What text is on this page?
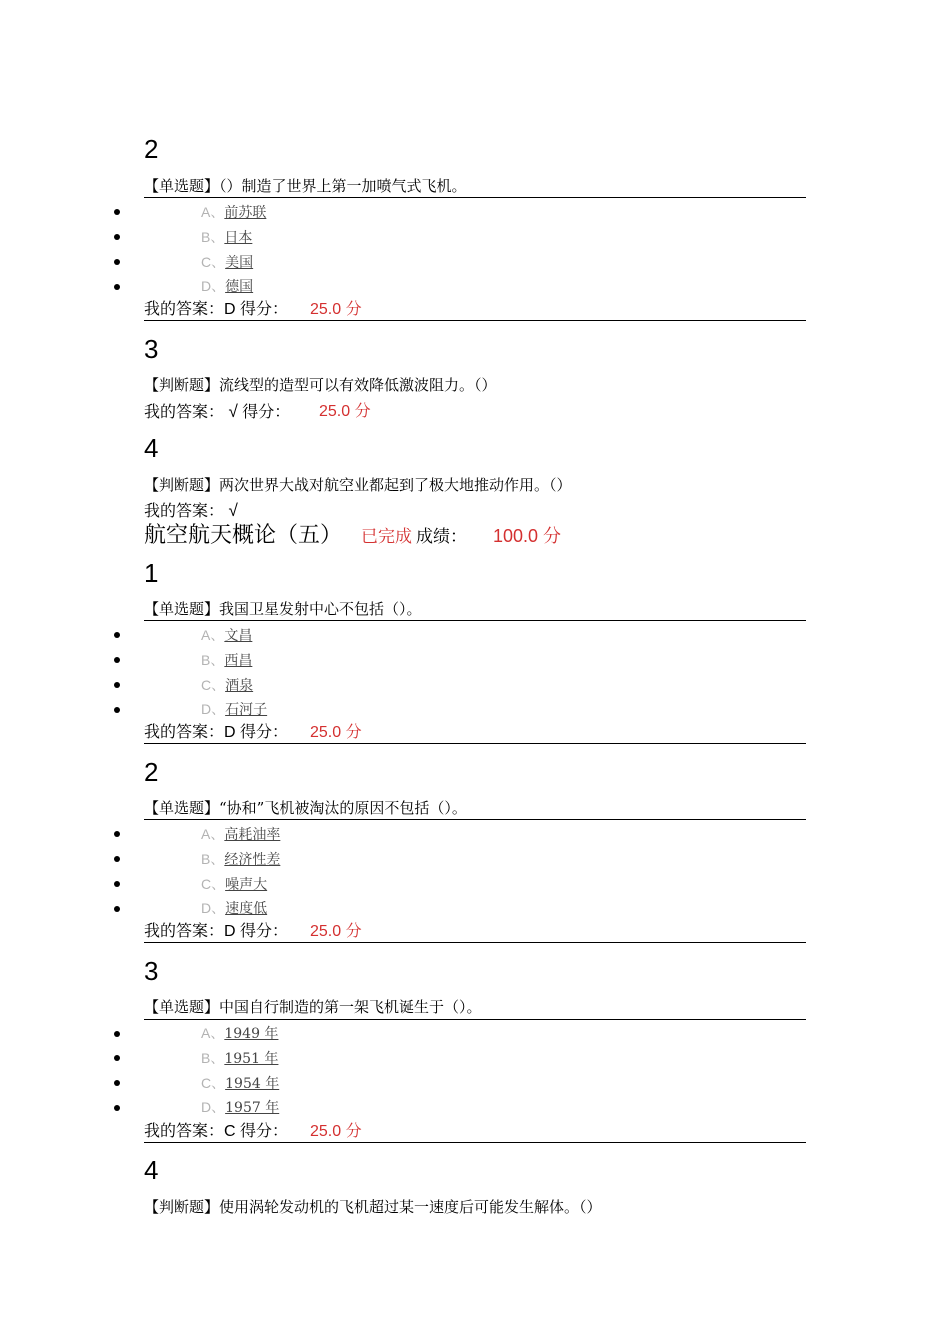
2
【单选题】（）制造了世界上第一加喷气式飞机。
A、前苏联
B、日本
C、美国
D、德国
我的答案：D 得分： 25.0 分
3
【判断题】流线型的造型可以有效降低激波阻力。（）
我的答案： √ 得分： 25.0 分
4
【判断题】两次世界大战对航空业都起到了极大地推动作用。（）
我的答案： √
航空航天概论（五） 已完成 成绩： 100.0 分
1
【单选题】我国卫星发射中心不包括（）。
A、文昌
B、西昌
C、酒泉
D、石河子
我的答案：D 得分： 25.0 分
2
【单选题】“协和”飞机被淘汰的原因不包括（）。
A、高耗油率
B、经济性差
C、噪声大
D、速度低
我的答案：D 得分： 25.0 分
3
【单选题】中国自行制造的第一架飞机诞生于（）。
A、1949 年
B、1951 年
C、1954 年
D、1957 年
我的答案：C 得分： 25.0 分
4
【判断题】使用涡轮发动机的飞机超过某一速度后可能发生解体。（）
